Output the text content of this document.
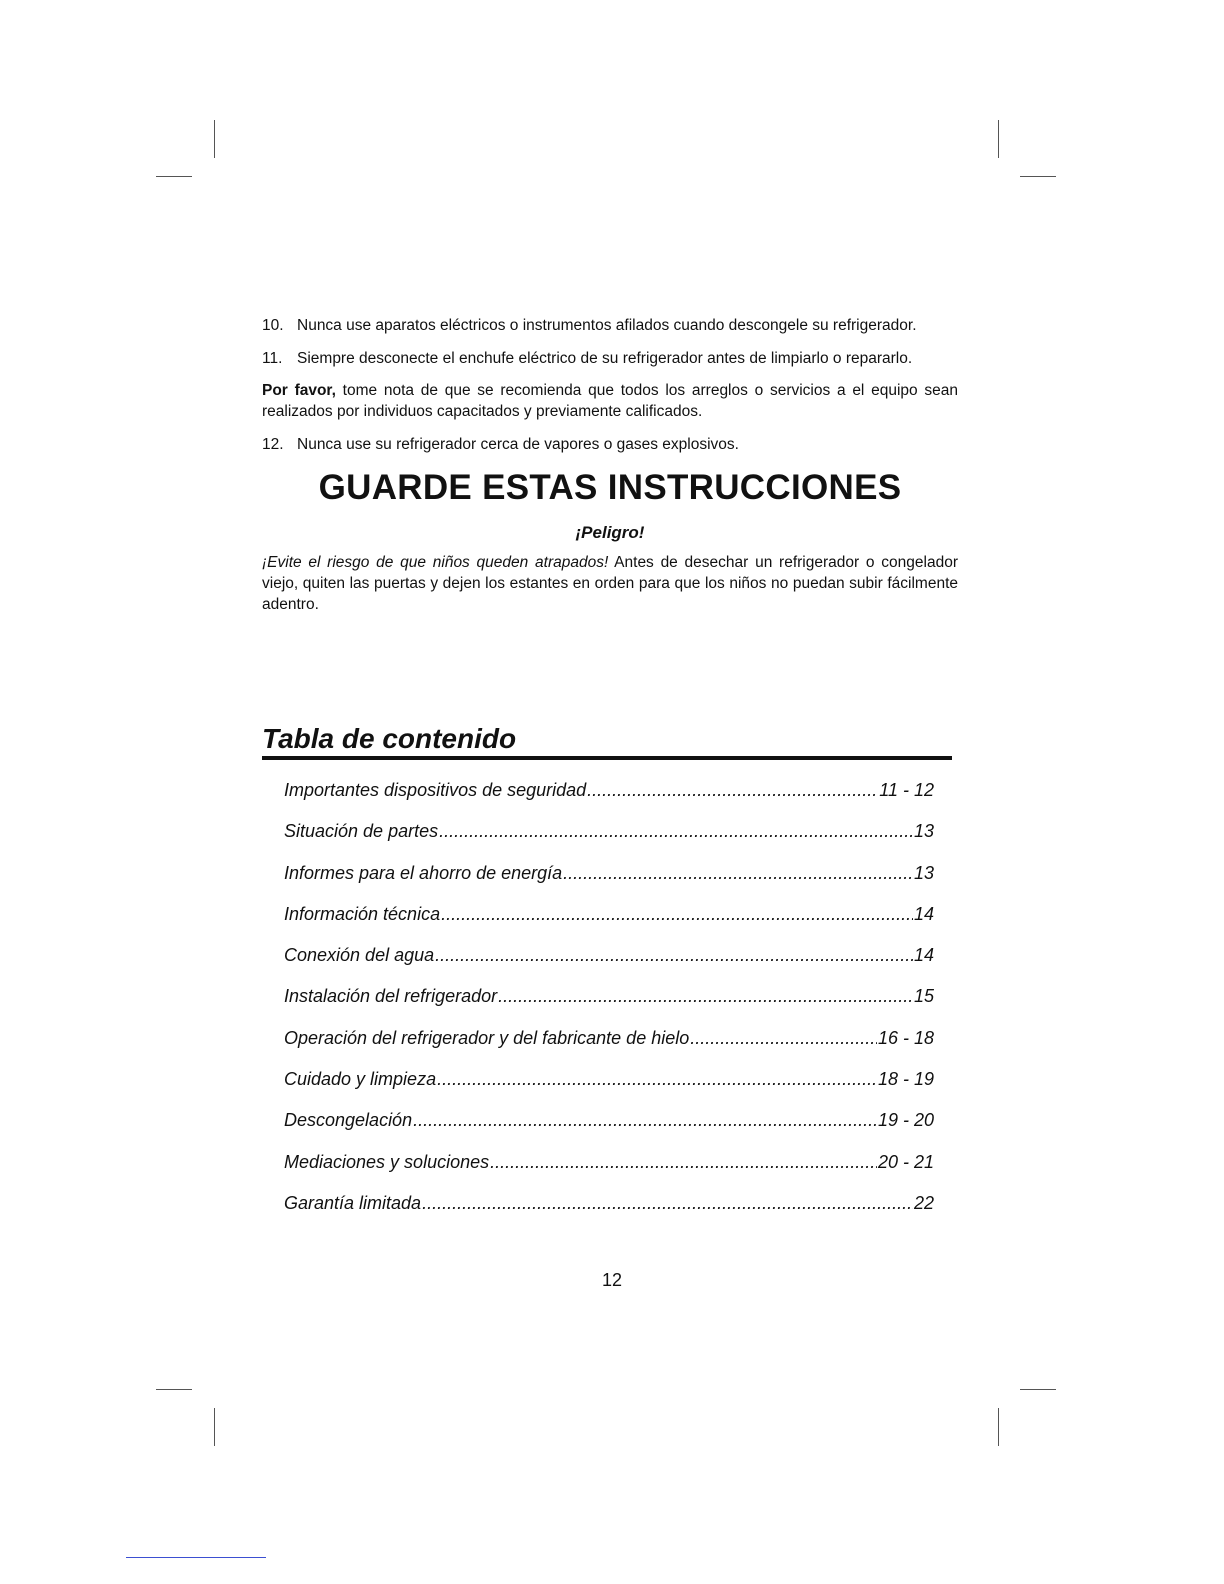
10. Nunca use aparatos eléctricos o instrumentos afilados cuando descongele su refrigerador.
11. Siempre desconecte el enchufe eléctrico de su refrigerador antes de limpiarlo o repararlo.
Por favor, tome nota de que se recomienda que todos los arreglos o servicios a el equipo sean realizados por individuos capacitados y previamente calificados.
12. Nunca use su refrigerador cerca de vapores o gases explosivos.
GUARDE ESTAS INSTRUCCIONES
¡Peligro!
¡Evite el riesgo de que niños queden atrapados! Antes de desechar un refrigerador o congelador viejo, quiten las puertas y dejen los estantes en orden para que los niños no puedan subir fácilmente adentro.
Tabla de contenido
Importantes dispositivos de seguridad .....	11 - 12
Situación de partes .....	13
Informes para el ahorro de energía .....	13
Información técnica .....	14
Conexión del agua .....	14
Instalación del refrigerador .....	15
Operación del refrigerador y del fabricante de hielo .....	16 - 18
Cuidado y limpieza .....	18 - 19
Descongelación .....	19 - 20
Mediaciones y soluciones .....	20 - 21
Garantía limitada .....	22
12
